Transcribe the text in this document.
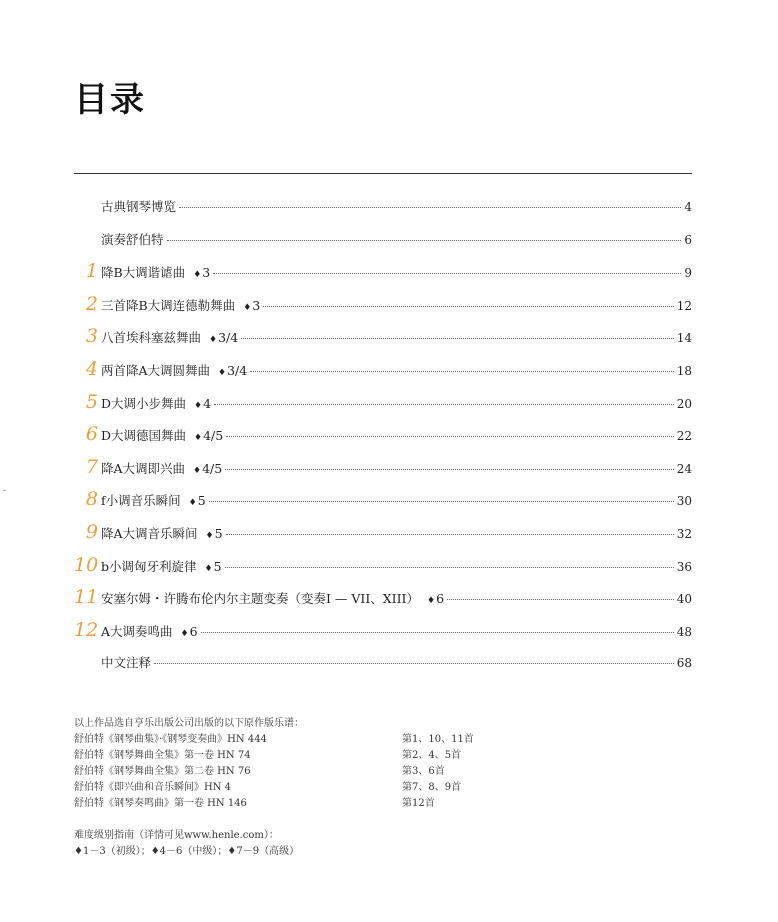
目录
-
古典钢琴博览	4
演奏舒伯特	6
1 降B大调谐谑曲 ♦3	9
2 三首降B大调连德勒舞曲 ♦3	12
3 八首埃科塞兹舞曲 ♦3/4	14
4 两首降A大调圆舞曲 ♦3/4	18
5 D大调小步舞曲 ♦4	20
6 D大调德国舞曲 ♦4/5	22
7 降A大调即兴曲 ♦4/5	24
8 f小调音乐瞬间 ♦5	30
9 降A大调音乐瞬间 ♦5	32
10 b小调匈牙利旋律 ♦5	36
11 安塞尔姆・许腾布伦内尔主题变奏（变奏I — VII、XIII） ♦6	40
12 A大调奏鸣曲 ♦6	48
中文注释	68
以上作品选自亨乐出版公司出版的以下原作版乐谱：
舒伯特《钢琴曲集》·《钢琴变奏曲》HN 444	第1、10、11首
舒伯特《钢琴舞曲全集》第一卷 HN 74	第2、4、5首
舒伯特《钢琴舞曲全集》第二卷 HN 76	第3、6首
舒伯特《即兴曲和音乐瞬间》HN 4	第7、8、9首
舒伯特《钢琴奏鸣曲》第一卷 HN 146	第12首
难度级别指南（详情可见www.henle.com）：
♦1－3（初级）；♦4－6（中级）；♦7－9（高级）
